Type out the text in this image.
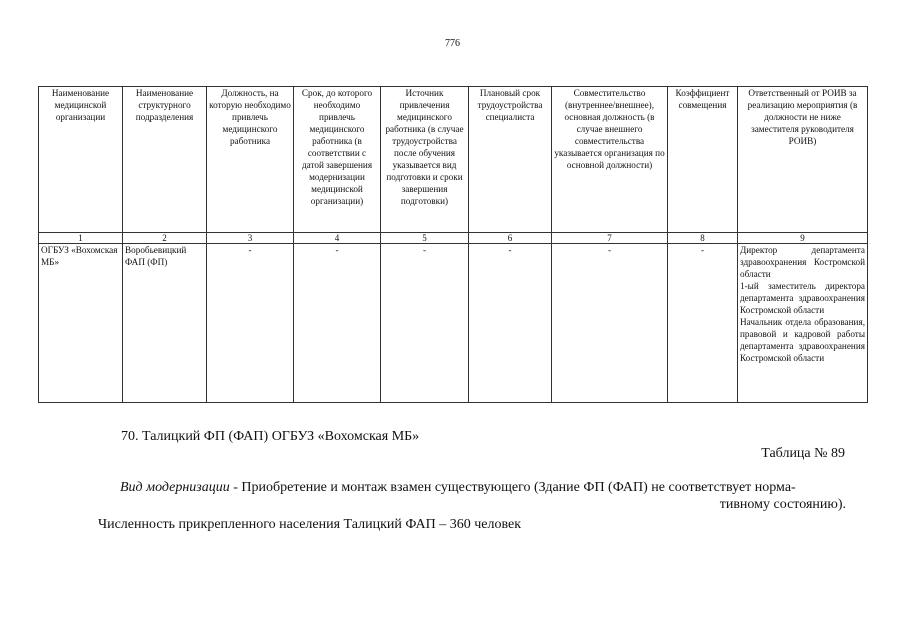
776
Наименование медицинской организации	Наименование структурного подразделения	Должность, на которую необходимо привлечь медицинского работника	Срок, до которого необходимо привлечь медицинского работника (в соответствии с датой завершения модернизации медицинской организации)	Источник привлечения медицинского работника (в случае трудоустройства после обучения указывается вид подготовки и сроки завершения подготовки)	Плановый срок трудоустройства специалиста	Совместительство (внутреннее/внешнее), основная должность (в случае внешнего совместительства указывается организация по основной должности)	Коэффициент совмещения	Ответственный от РОИВ за реализацию мероприятия (в должности не ниже заместителя руководителя РОИВ)
1	2	3	4	5	6	7	8	9
ОГБУЗ «Вохомская МБ»	Воробьевицкий ФАП (ФП)	-	-	-	-	-	-	Директор департамента здравоохранения Костромской области
1-ый заместитель директора департамента здравоохранения Костромской области
Начальник отдела образования, правовой и кадровой работы департамента здравоохранения Костромской области
70. Талицкий ФП (ФАП) ОГБУЗ «Вохомская МБ»
Таблица № 89
Вид модернизации - Приобретение и монтаж взамен существующего (Здание ФП (ФАП) не соответствует норма-
тивному состоянию).
Численность прикрепленного населения Талицкий ФАП – 360 человек
